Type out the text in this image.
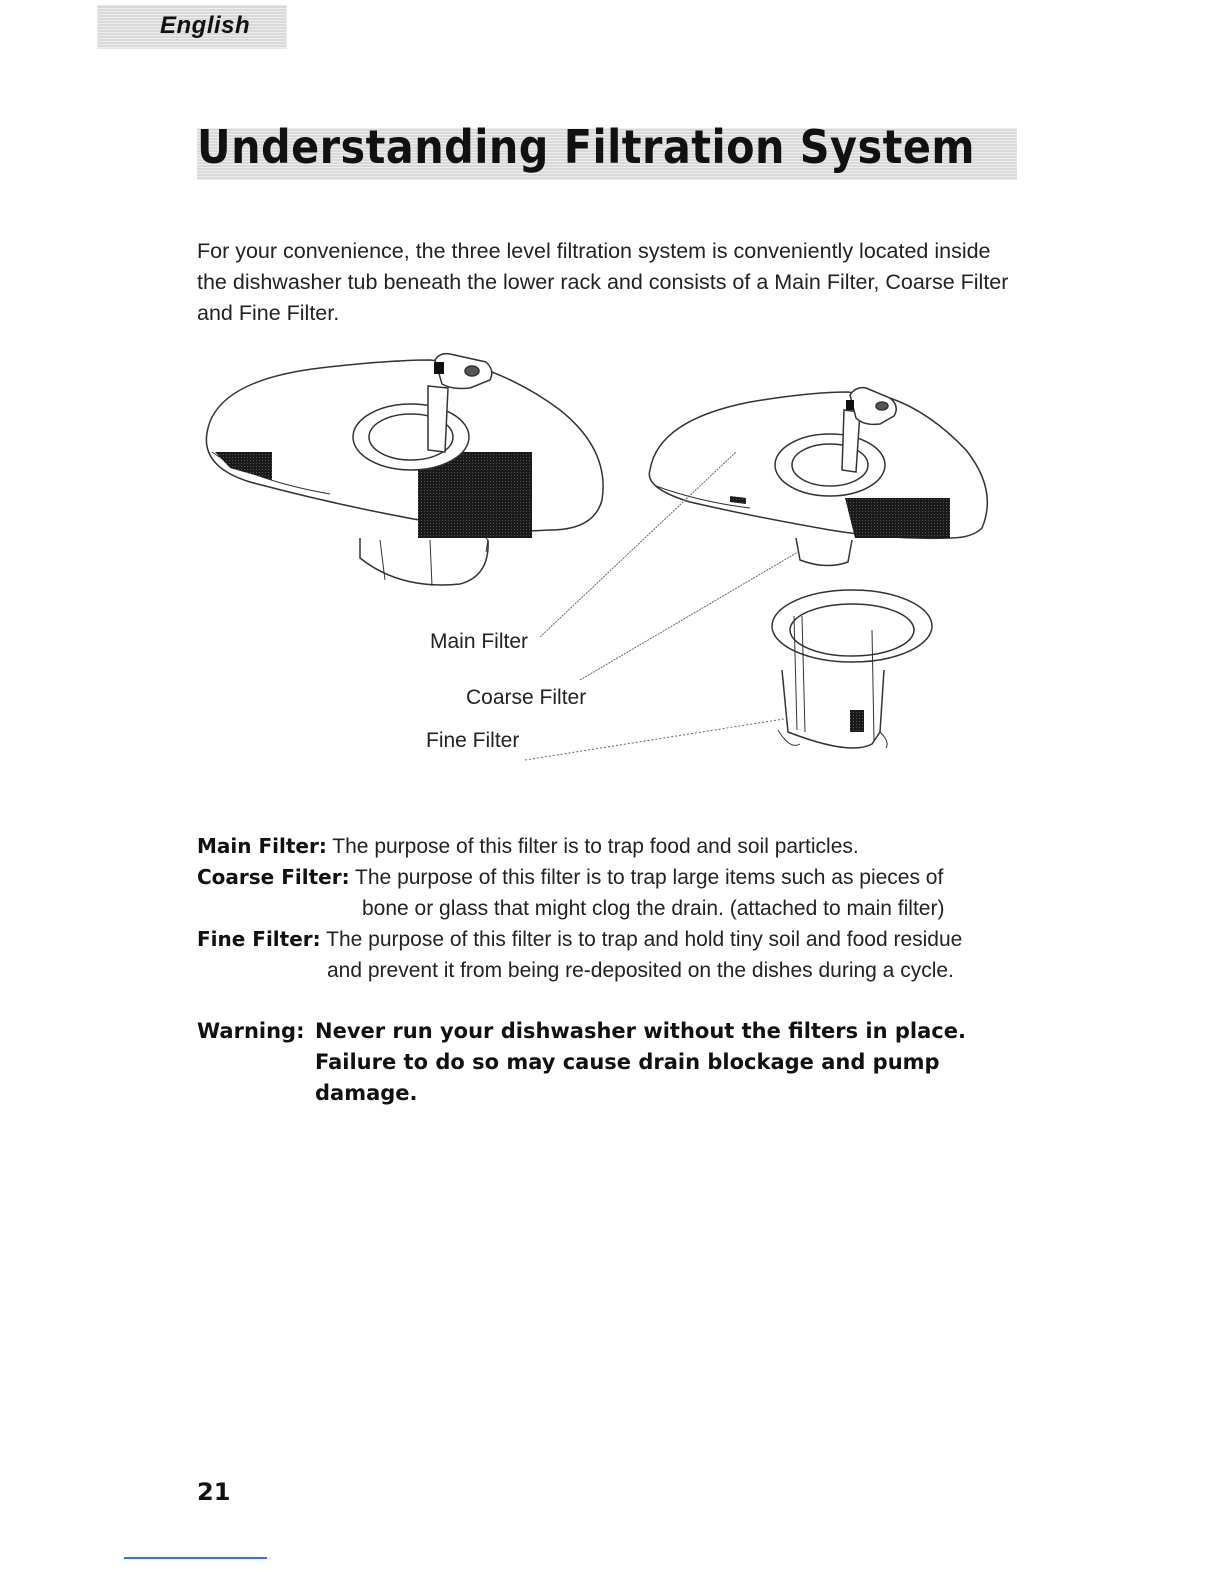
English
Understanding Filtration System

For your convenience, the three level filtration system is conveniently located inside the dishwasher tub beneath the lower rack and consists of a Main Filter, Coarse Filter and Fine Filter.

Main Filter
Coarse Filter
Fine Filter

Main Filter: The purpose of this filter is to trap food and soil particles.

Coarse Filter: The purpose of this filter is to trap large items such as pieces of

bone or glass that might clog the drain. (attached to main filter)

Fine Filter: The purpose of this filter is to trap and hold tiny soil and food residue

and prevent it from being re-deposited on the dishes during a cycle.

Warning: Never run your dishwasher without the filters in place.
Failure to do so may cause drain blockage and pump damage.
21
